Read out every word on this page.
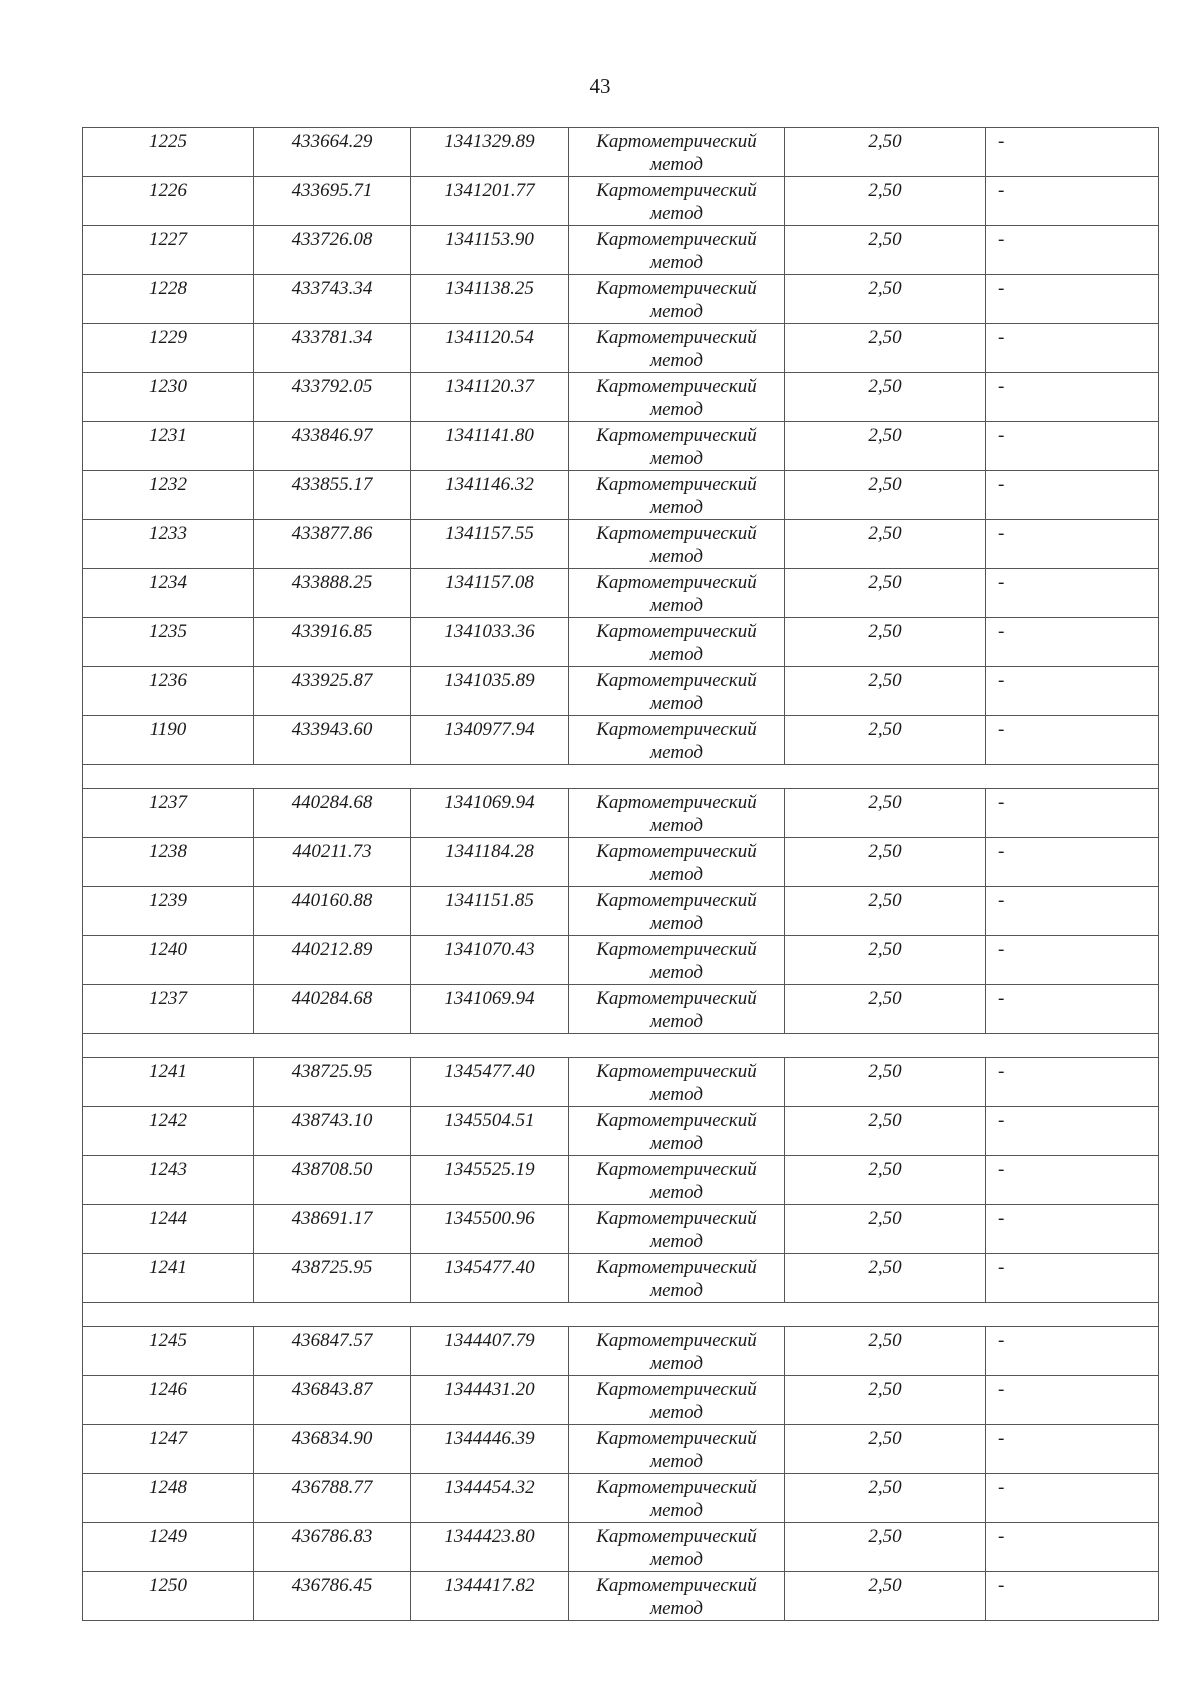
43
1225	433664.29	1341329.89	Картометрический метод	2,50	-
1226	433695.71	1341201.77	Картометрический метод	2,50	-
1227	433726.08	1341153.90	Картометрический метод	2,50	-
1228	433743.34	1341138.25	Картометрический метод	2,50	-
1229	433781.34	1341120.54	Картометрический метод	2,50	-
1230	433792.05	1341120.37	Картометрический метод	2,50	-
1231	433846.97	1341141.80	Картометрический метод	2,50	-
1232	433855.17	1341146.32	Картометрический метод	2,50	-
1233	433877.86	1341157.55	Картометрический метод	2,50	-
1234	433888.25	1341157.08	Картометрический метод	2,50	-
1235	433916.85	1341033.36	Картометрический метод	2,50	-
1236	433925.87	1341035.89	Картометрический метод	2,50	-
1190	433943.60	1340977.94	Картометрический метод	2,50	-

1237	440284.68	1341069.94	Картометрический метод	2,50	-
1238	440211.73	1341184.28	Картометрический метод	2,50	-
1239	440160.88	1341151.85	Картометрический метод	2,50	-
1240	440212.89	1341070.43	Картометрический метод	2,50	-
1237	440284.68	1341069.94	Картометрический метод	2,50	-

1241	438725.95	1345477.40	Картометрический метод	2,50	-
1242	438743.10	1345504.51	Картометрический метод	2,50	-
1243	438708.50	1345525.19	Картометрический метод	2,50	-
1244	438691.17	1345500.96	Картометрический метод	2,50	-
1241	438725.95	1345477.40	Картометрический метод	2,50	-

1245	436847.57	1344407.79	Картометрический метод	2,50	-
1246	436843.87	1344431.20	Картометрический метод	2,50	-
1247	436834.90	1344446.39	Картометрический метод	2,50	-
1248	436788.77	1344454.32	Картометрический метод	2,50	-
1249	436786.83	1344423.80	Картометрический метод	2,50	-
1250	436786.45	1344417.82	Картометрический метод	2,50	-
